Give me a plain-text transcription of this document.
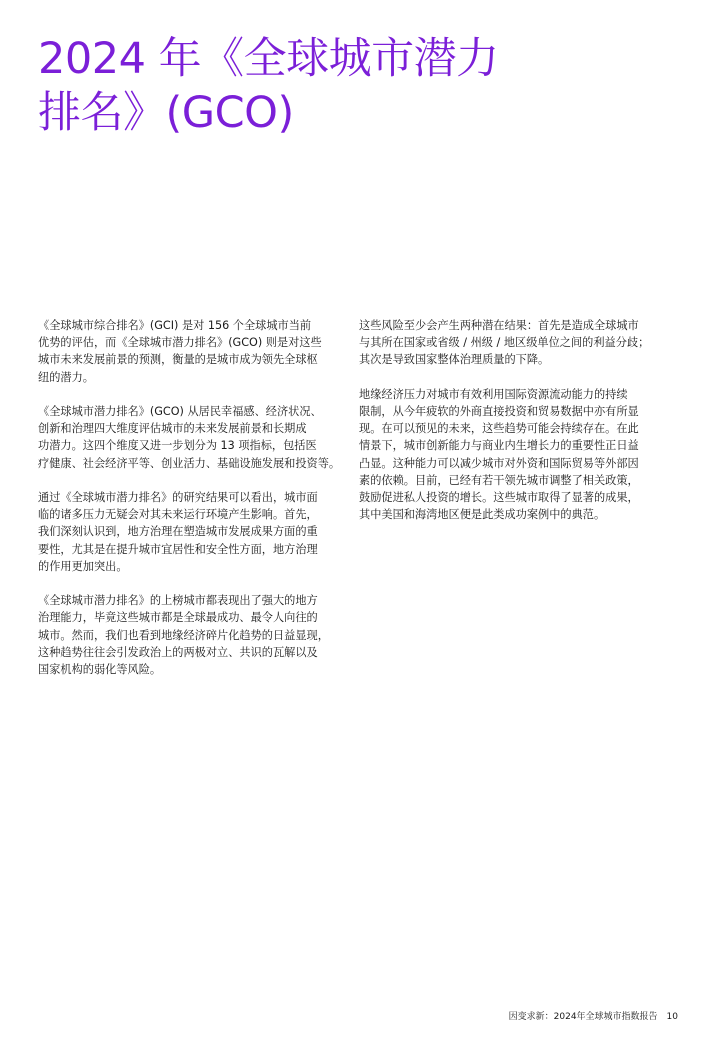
2024 年《全球城市潜力
排名》(GCO)

《全球城市综合排名》(GCI) 是对 156 个全球城市当前
优势的评估，而《全球城市潜力排名》(GCO) 则是对这些
城市未来发展前景的预测，衡量的是城市成为领先全球枢
纽的潜力。

《全球城市潜力排名》(GCO) 从居民幸福感、经济状况、
创新和治理四大维度评估城市的未来发展前景和长期成
功潜力。这四个维度又进一步划分为 13 项指标，包括医
疗健康、社会经济平等、创业活力、基础设施发展和投资等。

通过《全球城市潜力排名》的研究结果可以看出，城市面
临的诸多压力无疑会对其未来运行环境产生影响。首先，
我们深刻认识到，地方治理在塑造城市发展成果方面的重
要性，尤其是在提升城市宜居性和安全性方面，地方治理
的作用更加突出。

《全球城市潜力排名》的上榜城市都表现出了强大的地方
治理能力，毕竟这些城市都是全球最成功、最令人向往的
城市。然而，我们也看到地缘经济碎片化趋势的日益显现，
这种趋势往往会引发政治上的两极对立、共识的瓦解以及
国家机构的弱化等风险。

这些风险至少会产生两种潜在结果：首先是造成全球城市
与其所在国家或省级 / 州级 / 地区级单位之间的利益分歧；
其次是导致国家整体治理质量的下降。

地缘经济压力对城市有效利用国际资源流动能力的持续
限制，从今年疲软的外商直接投资和贸易数据中亦有所显
现。在可以预见的未来，这些趋势可能会持续存在。在此
情景下，城市创新能力与商业内生增长力的重要性正日益
凸显。这种能力可以减少城市对外资和国际贸易等外部因
素的依赖。目前，已经有若干领先城市调整了相关政策，
鼓励促进私人投资的增长。这些城市取得了显著的成果，
其中美国和海湾地区便是此类成功案例中的典范。

因变求新：2024年全球城市指数报告 10
